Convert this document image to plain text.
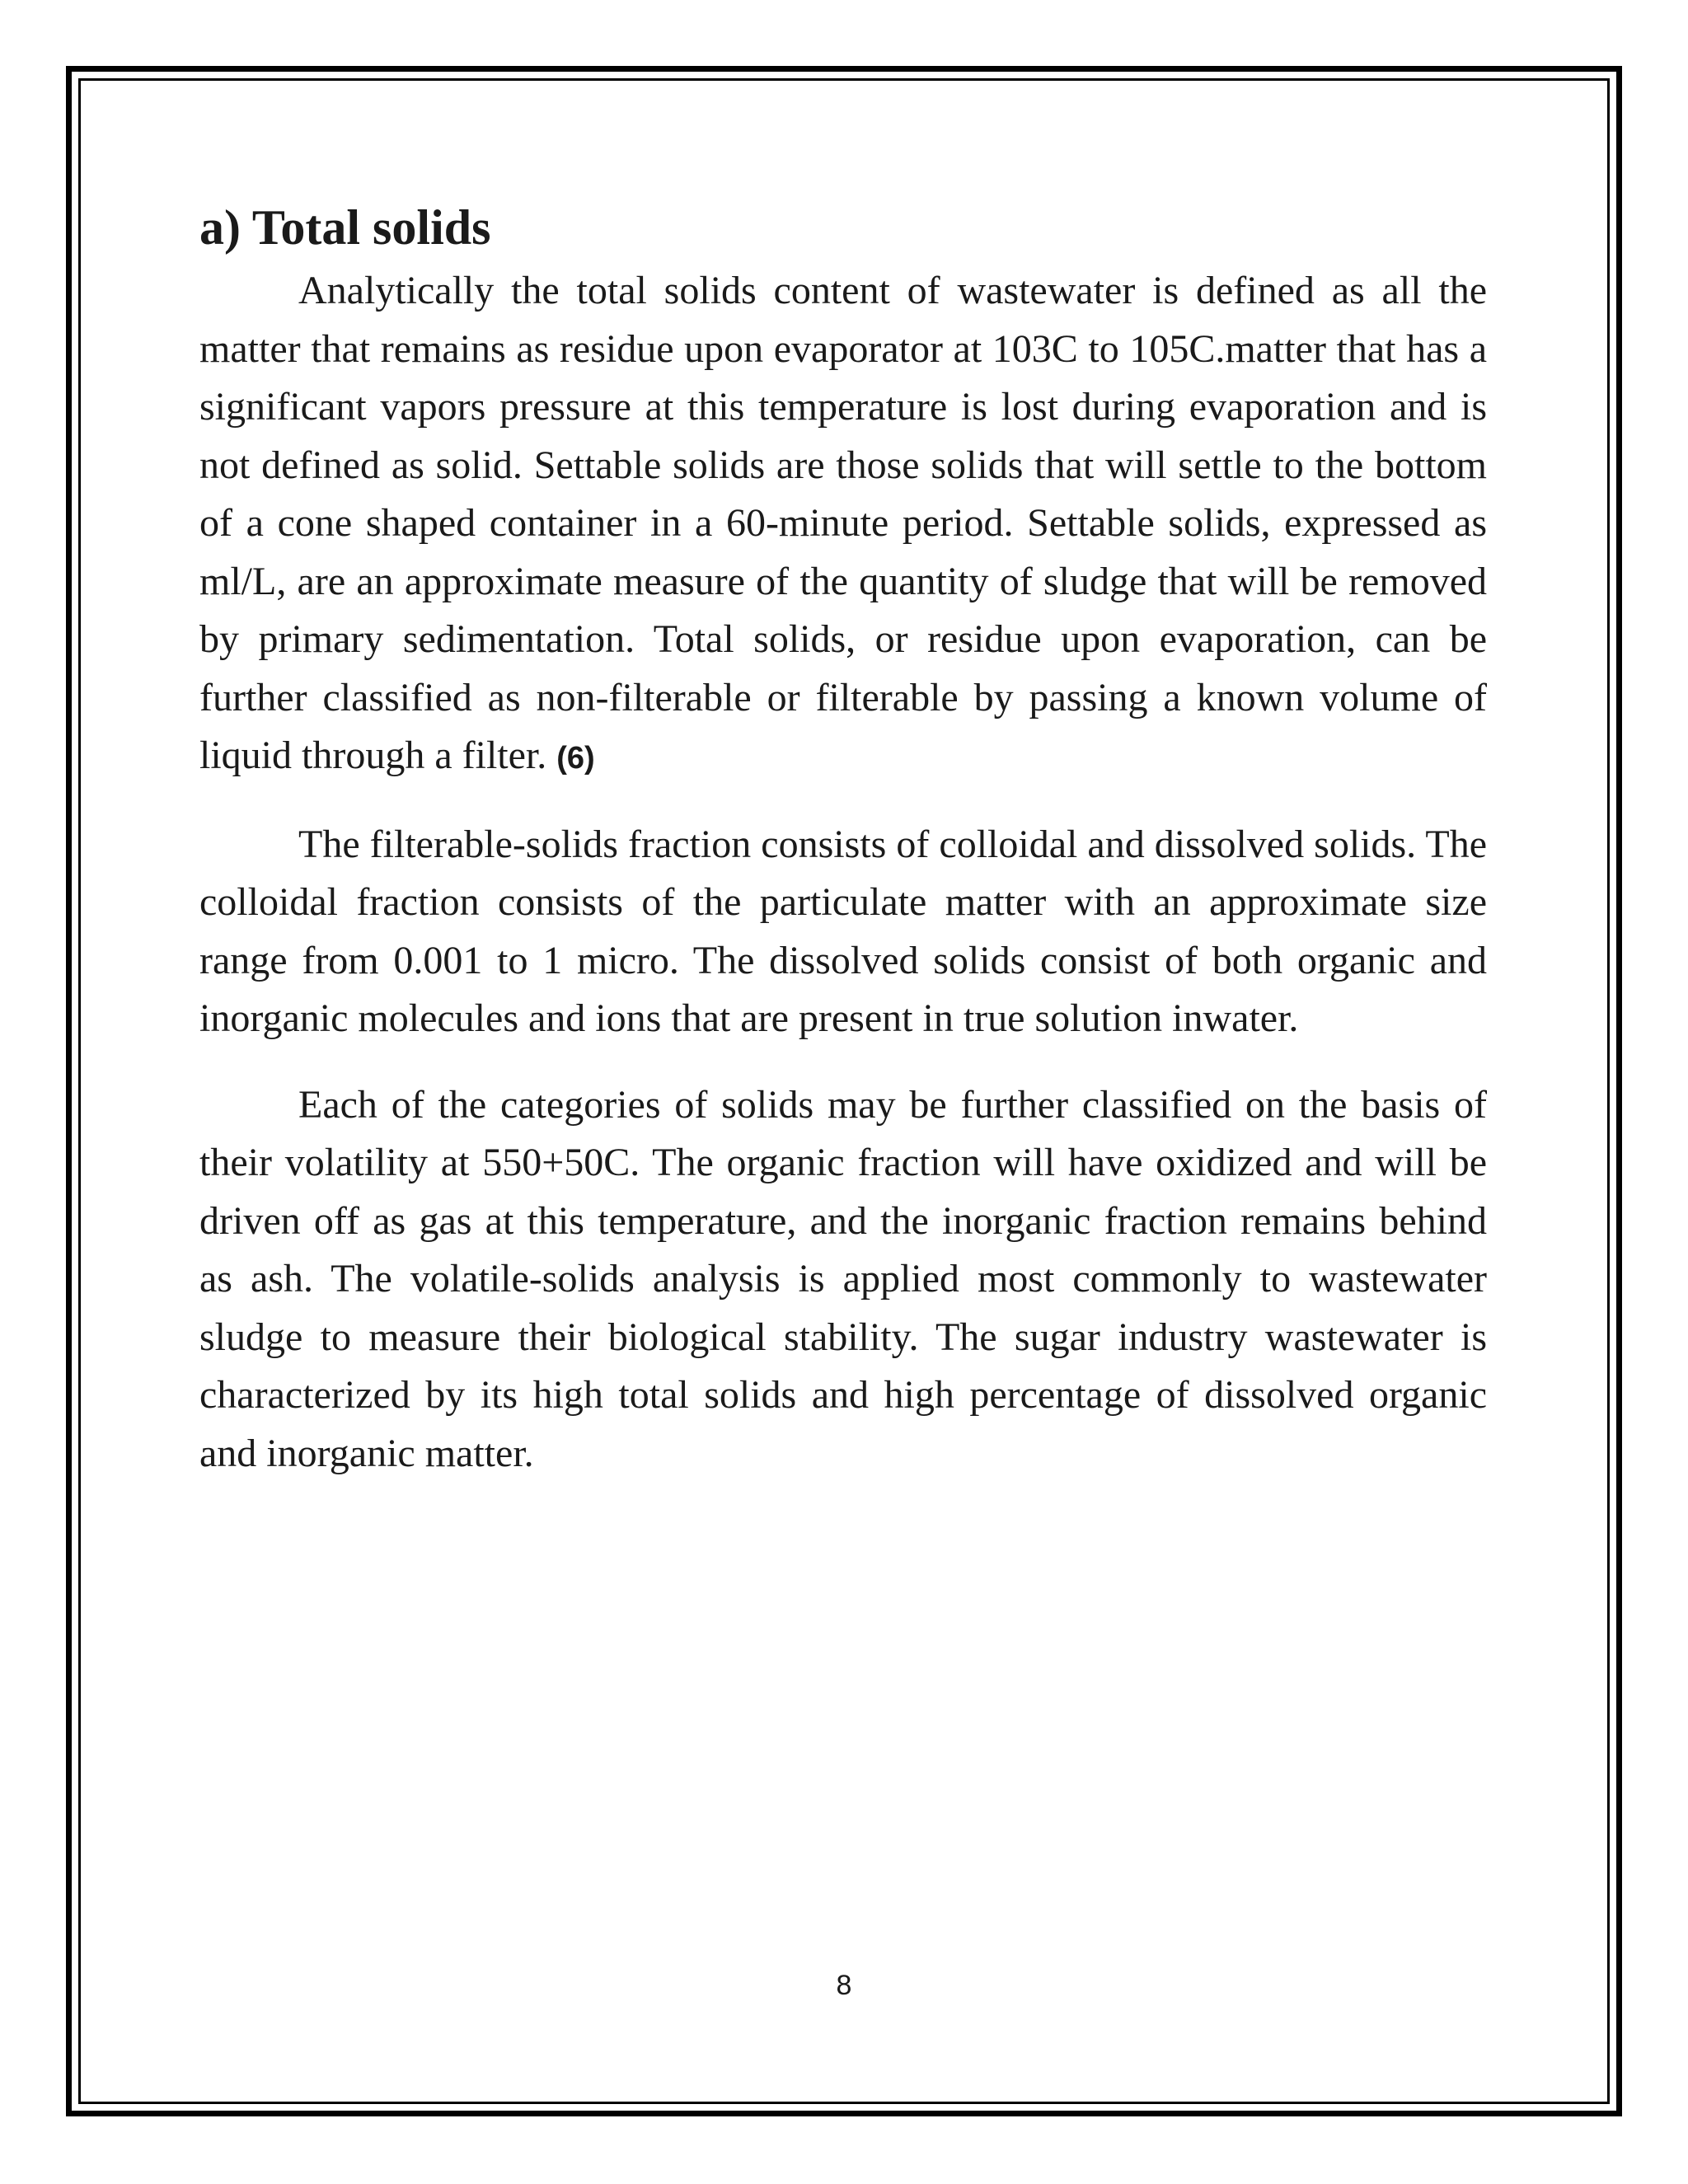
a) Total solids

Analytically the total solids content of wastewater is defined as all the matter that remains as residue upon evaporator at 103C to 105C.matter that has a significant vapors pressure at this temperature is lost during evaporation and is not defined as solid. Settable solids are those solids that will settle to the bottom of a cone shaped container in a 60-minute period. Settable solids, expressed as ml/L, are an approximate measure of the quantity of sludge that will be removed by primary sedimentation. Total solids, or residue upon evaporation, can be further classified as non-filterable or filterable by passing a known volume of liquid through a filter. (6)

The filterable-solids fraction consists of colloidal and dissolved solids. The colloidal fraction consists of the particulate matter with an approximate size range from 0.001 to 1 micro. The dissolved solids consist of both organic and inorganic molecules and ions that are present in true solution inwater.

Each of the categories of solids may be further classified on the basis of their volatility at 550+50C. The organic fraction will have oxidized and will be driven off as gas at this temperature, and the inorganic fraction remains behind as ash. The volatile-solids analysis is applied most commonly to wastewater sludge to measure their biological stability. The sugar industry wastewater is characterized by its high total solids and high percentage of dissolved organic and inorganic matter.

8
